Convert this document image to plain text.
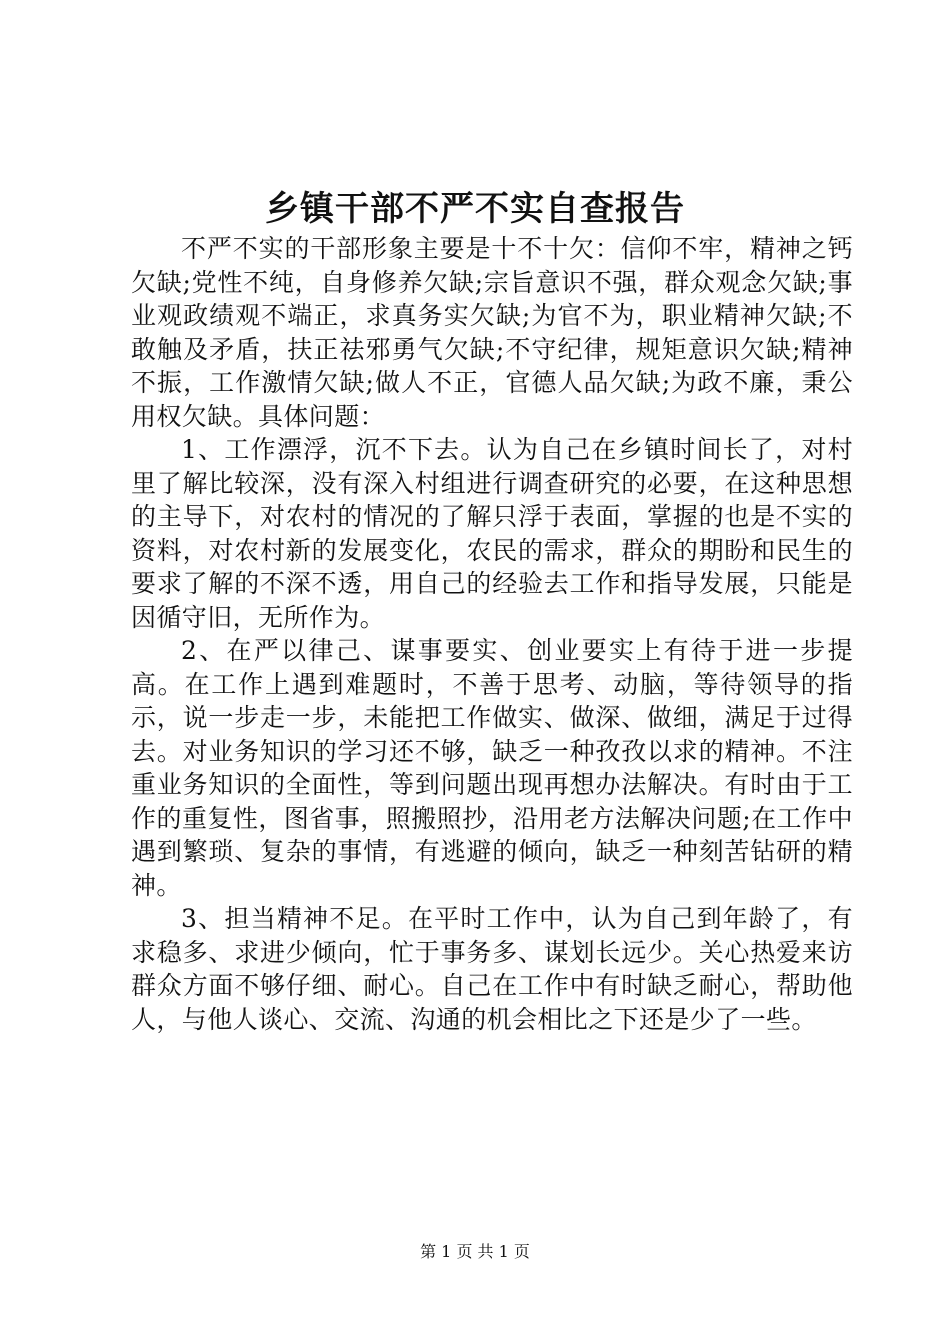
乡镇干部不严不实自查报告

不严不实的干部形象主要是十不十欠：信仰不牢，精神之钙欠缺;党性不纯，自身修养欠缺;宗旨意识不强，群众观念欠缺;事业观政绩观不端正，求真务实欠缺;为官不为，职业精神欠缺;不敢触及矛盾，扶正祛邪勇气欠缺;不守纪律，规矩意识欠缺;精神不振，工作激情欠缺;做人不正，官德人品欠缺;为政不廉，秉公用权欠缺。具体问题：

1、工作漂浮，沉不下去。认为自己在乡镇时间长了，对村里了解比较深，没有深入村组进行调查研究的必要，在这种思想的主导下，对农村的情况的了解只浮于表面，掌握的也是不实的资料，对农村新的发展变化，农民的需求，群众的期盼和民生的要求了解的不深不透，用自己的经验去工作和指导发展，只能是因循守旧，无所作为。

2、在严以律己、谋事要实、创业要实上有待于进一步提高。在工作上遇到难题时，不善于思考、动脑，等待领导的指示，说一步走一步，未能把工作做实、做深、做细，满足于过得去。对业务知识的学习还不够，缺乏一种孜孜以求的精神。不注重业务知识的全面性，等到问题出现再想办法解决。有时由于工作的重复性，图省事，照搬照抄，沿用老方法解决问题;在工作中遇到繁琐、复杂的事情，有逃避的倾向，缺乏一种刻苦钻研的精神。

3、担当精神不足。在平时工作中，认为自己到年龄了，有求稳多、求进少倾向，忙于事务多、谋划长远少。关心热爱来访群众方面不够仔细、耐心。自己在工作中有时缺乏耐心，帮助他人，与他人谈心、交流、沟通的机会相比之下还是少了一些。

第 1 页 共 1 页
